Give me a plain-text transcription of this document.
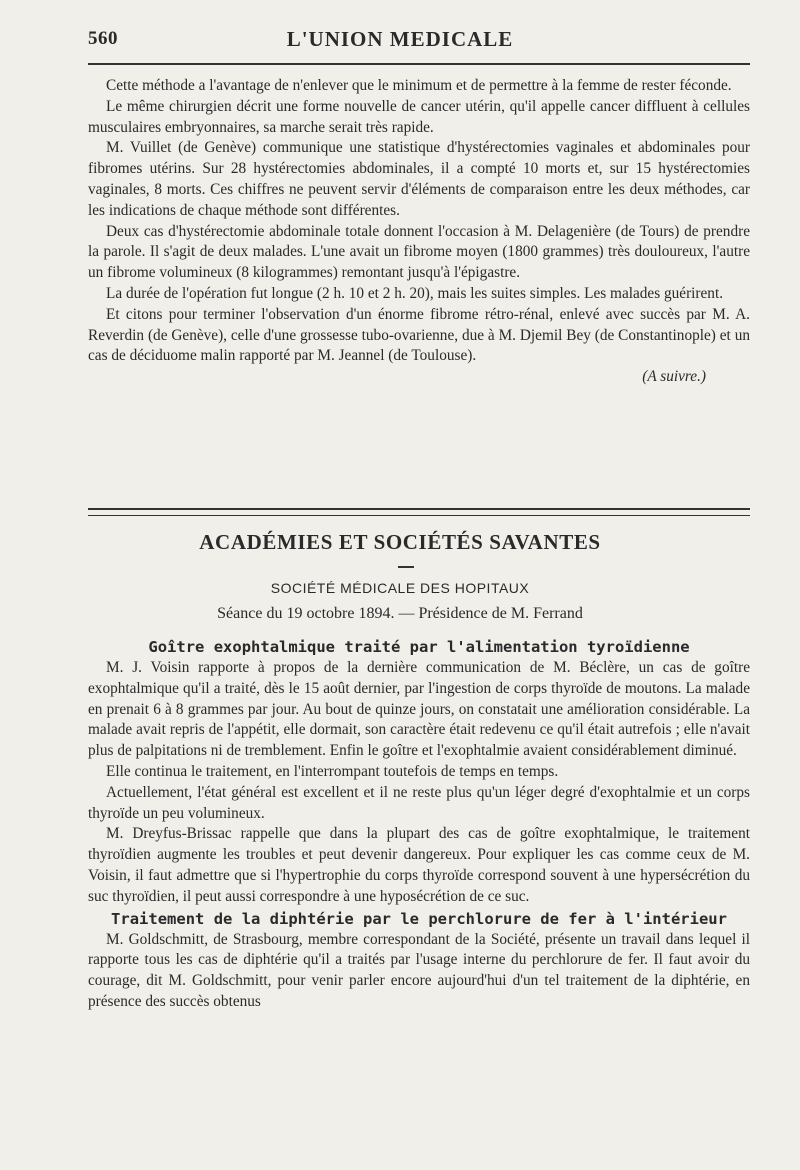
560	L'UNION MEDICALE

Cette méthode a l'avantage de n'enlever que le minimum et de permettre à la femme de rester féconde.

Le même chirurgien décrit une forme nouvelle de cancer utérin, qu'il appelle cancer diffluent à cellules musculaires embryonnaires, sa marche serait très rapide.

M. Vuillet (de Genève) communique une statistique d'hystérectomies vaginales et abdominales pour fibromes utérins. Sur 28 hystérectomies abdominales, il a compté 10 morts et, sur 15 hystérectomies vaginales, 8 morts. Ces chiffres ne peuvent servir d'éléments de comparaison entre les deux méthodes, car les indications de chaque méthode sont différentes.

Deux cas d'hystérectomie abdominale totale donnent l'occasion à M. Delagenière (de Tours) de prendre la parole. Il s'agit de deux malades. L'une avait un fibrome moyen (1800 grammes) très douloureux, l'autre un fibrome volumineux (8 kilogrammes) remontant jusqu'à l'épigastre.

La durée de l'opération fut longue (2 h. 10 et 2 h. 20), mais les suites simples. Les malades guérirent.

Et citons pour terminer l'observation d'un énorme fibrome rétro-rénal, enlevé avec succès par M. A. Reverdin (de Genève), celle d'une grossesse tubo-ovarienne, due à M. Djemil Bey (de Constantinople) et un cas de déciduome malin rapporté par M. Jeannel (de Toulouse).

(A suivre.)

ACADÉMIES ET SOCIÉTÉS SAVANTES
SOCIÉTÉ MÉDICALE DES HOPITAUX
Séance du 19 octobre 1894. — Présidence de M. Ferrand

Goître exophtalmique traité par l'alimentation tyroïdienne

M. J. Voisin rapporte à propos de la dernière communication de M. Béclère, un cas de goître exophtalmique qu'il a traité, dès le 15 août dernier, par l'ingestion de corps thyroïde de moutons. La malade en prenait 6 à 8 grammes par jour. Au bout de quinze jours, on constatait une amélioration considérable. La malade avait repris de l'appétit, elle dormait, son caractère était redevenu ce qu'il était autrefois ; elle n'avait plus de palpitations ni de tremblement. Enfin le goître et l'exophtalmie avaient considérablement diminué.

Elle continua le traitement, en l'interrompant toutefois de temps en temps.

Actuellement, l'état général est excellent et il ne reste plus qu'un léger degré d'exophtalmie et un corps thyroïde un peu volumineux.

M. Dreyfus-Brissac rappelle que dans la plupart des cas de goître exophtalmique, le traitement thyroïdien augmente les troubles et peut devenir dangereux. Pour expliquer les cas comme ceux de M. Voisin, il faut admettre que si l'hypertrophie du corps thyroïde correspond souvent à une hypersécrétion du suc thyroïdien, il peut aussi correspondre à une hyposécrétion de ce suc.

Traitement de la diphtérie par le perchlorure de fer à l'intérieur

M. Goldschmitt, de Strasbourg, membre correspondant de la Société, présente un travail dans lequel il rapporte tous les cas de diphtérie qu'il a traités par l'usage interne du perchlorure de fer. Il faut avoir du courage, dit M. Goldschmitt, pour venir parler encore aujourd'hui d'un tel traitement de la diphtérie, en présence des succès obtenus
